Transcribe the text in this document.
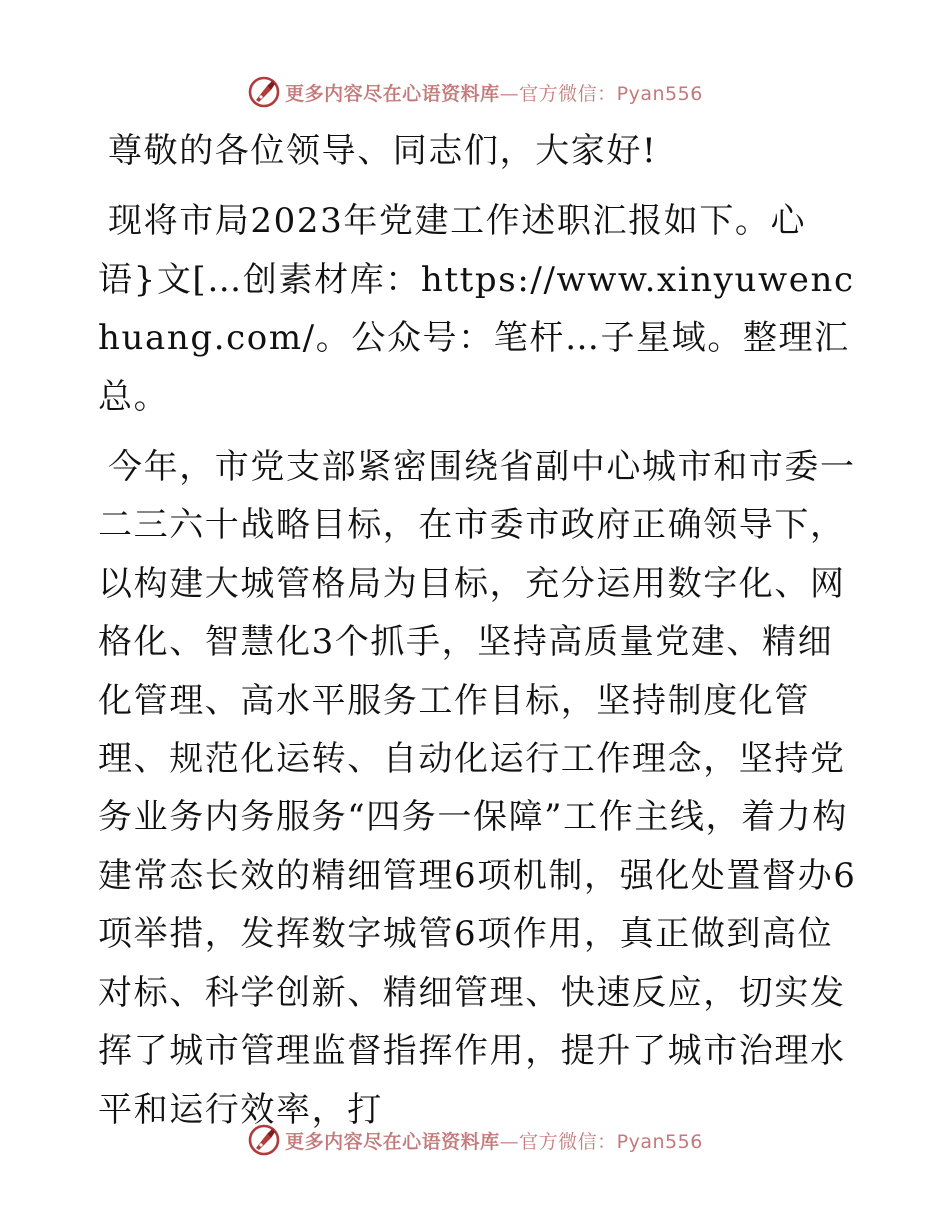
更多内容尽在心语资料库—官方微信：Pyan556

尊敬的各位领导、同志们，大家好!

现将市局2023年党建工作述职汇报如下。心语}文[…创素材库：https://www.xinyuwenchuang.com/。公众号：笔杆…子星域。整理汇总。

今年，市党支部紧密围绕省副中心城市和市委一二三六十战略目标，在市委市政府正确领导下，以构建大城管格局为目标，充分运用数字化、网格化、智慧化3个抓手，坚持高质量党建、精细化管理、高水平服务工作目标，坚持制度化管理、规范化运转、自动化运行工作理念，坚持党务业务内务服务“四务一保障”工作主线，着力构建常态长效的精细管理6项机制，强化处置督办6项举措，发挥数字城管6项作用，真正做到高位对标、科学创新、精细管理、快速反应，切实发挥了城市管理监督指挥作用，提升了城市治理水平和运行效率，打

更多内容尽在心语资料库—官方微信：Pyan556
